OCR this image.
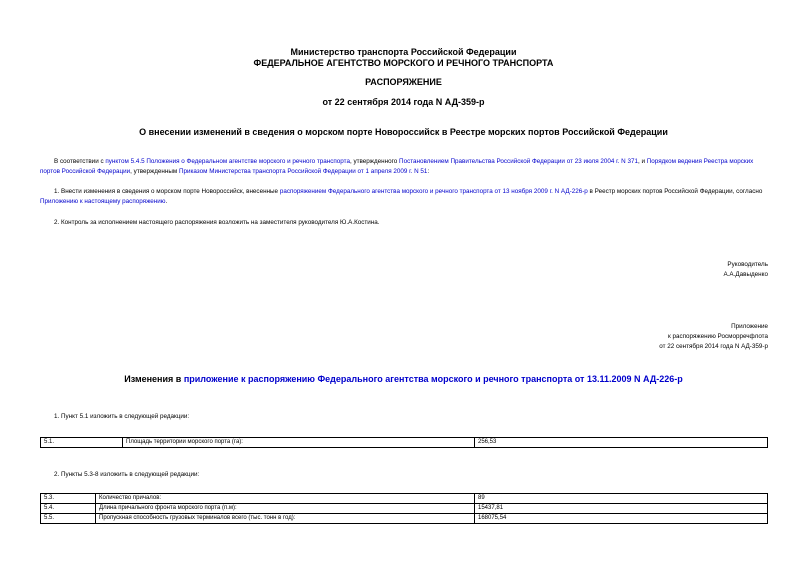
Министерство транспорта Российской Федерации
ФЕДЕРАЛЬНОЕ АГЕНТСТВО МОРСКОГО И РЕЧНОГО ТРАНСПОРТА
РАСПОРЯЖЕНИЕ
от 22 сентября 2014 года N АД-359-р
О внесении изменений в сведения о морском порте Новороссийск в Реестре морских портов Российской Федерации
В соответствии с пунктом 5.4.5 Положения о Федеральном агентстве морского и речного транспорта, утвержденного Постановлением Правительства Российской Федерации от 23 июля 2004 г. N 371, и Порядком ведения Реестра морских портов Российской Федерации, утвержденным Приказом Министерства транспорта Российской Федерации от 1 апреля 2009 г. N 51:
1. Внести изменения в сведения о морском порте Новороссийск, внесенные распоряжением Федерального агентства морского и речного транспорта от 13 ноября 2009 г. N АД-226-р в Реестр морских портов Российской Федерации, согласно Приложению к настоящему распоряжению.
2. Контроль за исполнением настоящего распоряжения возложить на заместителя руководителя Ю.А.Костина.
Руководитель
А.А.Давыденко
Приложение
к распоряжению Росморречфлота
от 22 сентября 2014 года N АД-359-р
Изменения в приложение к распоряжению Федерального агентства морского и речного транспорта от 13.11.2009 N АД-226-р
1. Пункт 5.1 изложить в следующей редакции:
5.1.	Площадь территории морского порта (га):	256,53
2. Пункты 5.3-8 изложить в следующей редакции:
5.3.	Количество причалов:	89
5.4.	Длина причального фронта морского порта (п.м):	15437,81
5.5.	Пропускная способность грузовых терминалов всего (тыс. тонн в год):	168075,54
